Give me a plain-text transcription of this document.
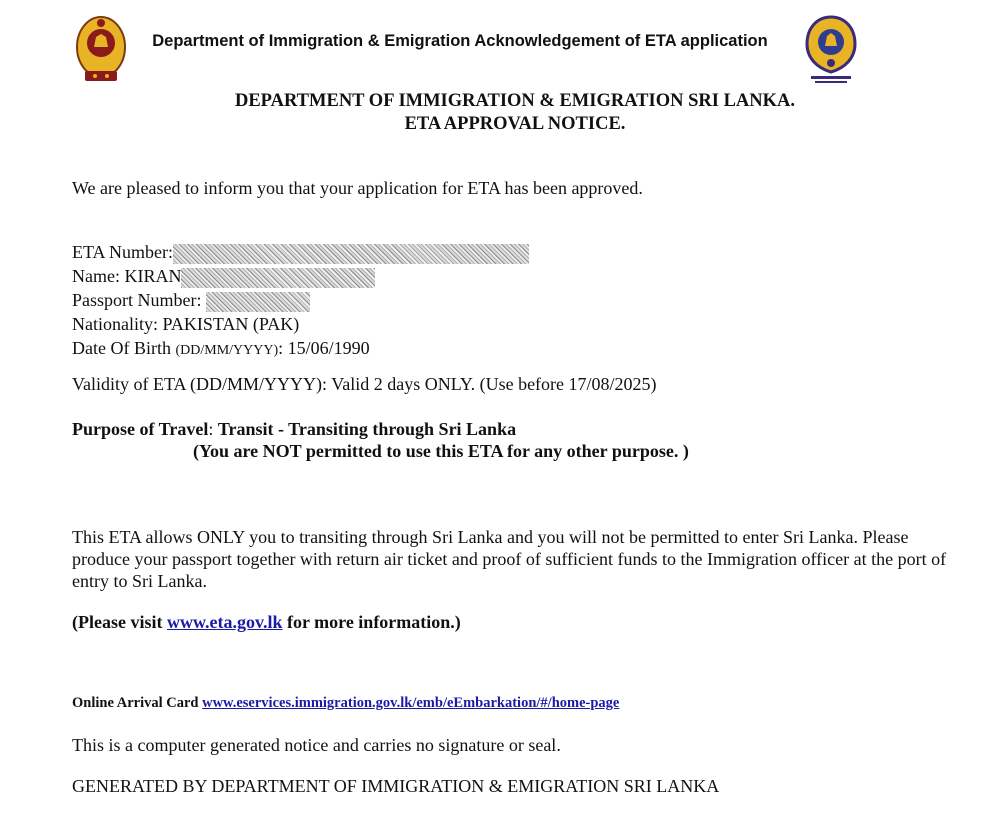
Department of Immigration & Emigration Acknowledgement of ETA application
DEPARTMENT OF IMMIGRATION & EMIGRATION SRI LANKA.
ETA APPROVAL NOTICE.
We are pleased to inform you that your application for ETA has been approved.
ETA Number:
Name: KIRAN
Passport Number:
Nationality: PAKISTAN (PAK)
Date Of Birth (DD/MM/YYYY): 15/06/1990
Validity of ETA (DD/MM/YYYY): Valid 2 days ONLY. (Use before 17/08/2025)
Purpose of Travel: Transit - Transiting through Sri Lanka
(You are NOT permitted to use this ETA for any other purpose. )
This ETA allows ONLY you to transiting through Sri Lanka and you will not be permitted to enter Sri Lanka. Please produce your passport together with return air ticket and proof of sufficient funds to the Immigration officer at the port of entry to Sri Lanka.
(Please visit www.eta.gov.lk for more information.)
Online Arrival Card www.eservices.immigration.gov.lk/emb/eEmbarkation/#/home-page
This is a computer generated notice and carries no signature or seal.
GENERATED BY DEPARTMENT OF IMMIGRATION & EMIGRATION SRI LANKA
